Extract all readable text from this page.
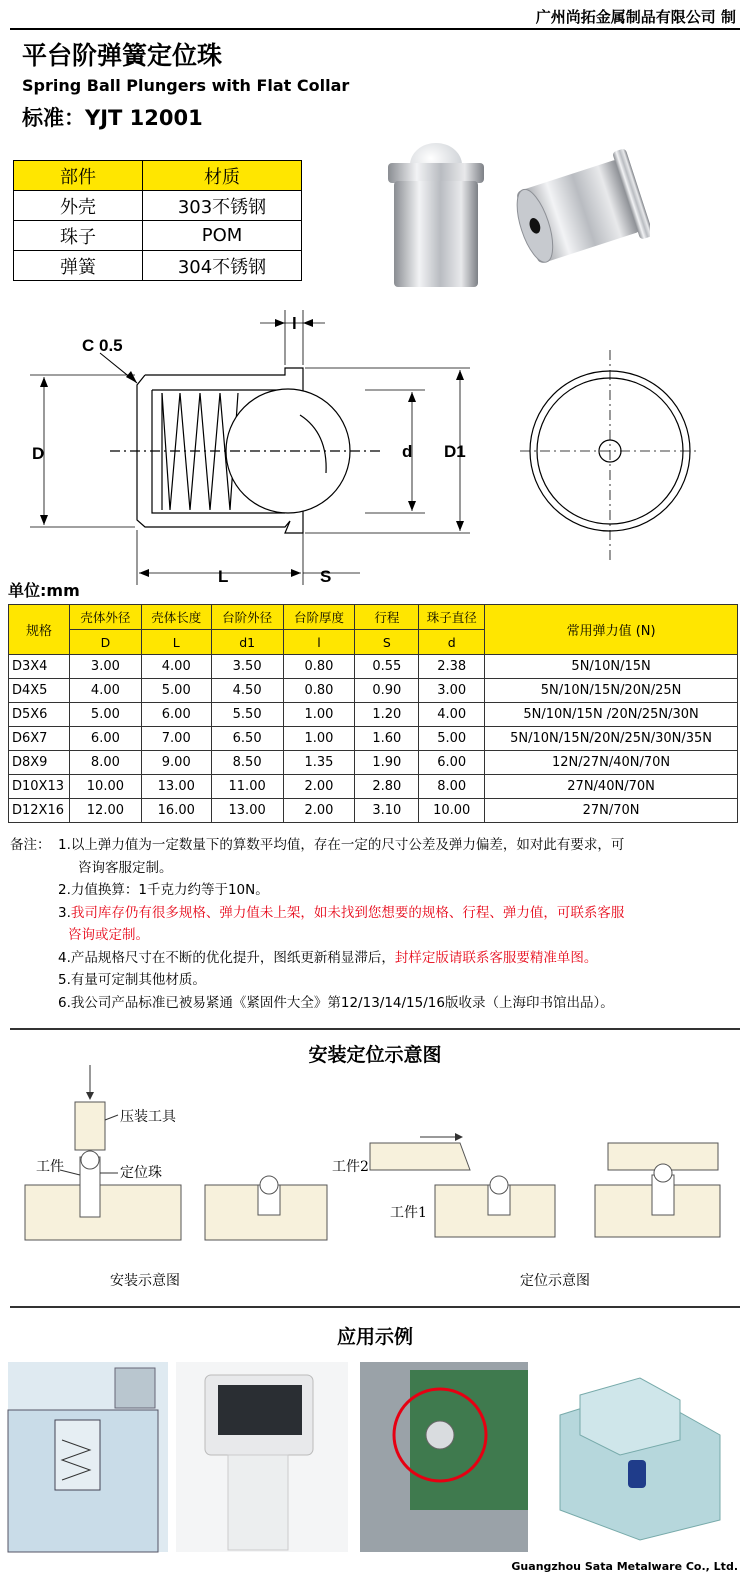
广州尚拓金属制品有限公司 制
平台阶弹簧定位珠
Spring Ball Plungers with Flat Collar
标准：YJT 12001
部件	材质
外壳	303不锈钢
珠子	POM
弹簧	304不锈钢
C 0.5
l
D	d D1
L	S
单位:mm
规格	壳体外径	壳体长度	台阶外径	台阶厚度	行程	珠子直径	常用弹力值 (N)
	D	L	d1	l	S	d	
D3X4	3.00	4.00	3.50	0.80	0.55	2.38	5N/10N/15N
D4X5	4.00	5.00	4.50	0.80	0.90	3.00	5N/10N/15N/20N/25N
D5X6	5.00	6.00	5.50	1.00	1.20	4.00	5N/10N/15N /20N/25N/30N
D6X7	6.00	7.00	6.50	1.00	1.60	5.00	5N/10N/15N/20N/25N/30N/35N
D8X9	8.00	9.00	8.50	1.35	1.90	6.00	12N/27N/40N/70N
D10X13	10.00	13.00	11.00	2.00	2.80	8.00	27N/40N/70N
D12X16	12.00	16.00	13.00	2.00	3.10	10.00	27N/70N
备注： 1.以上弹力值为一定数量下的算数平均值，存在一定的尺寸公差及弹力偏差，如对此有要求，可
咨询客服定制。
2.力值换算：1千克力约等于10N。
3.我司库存仍有很多规格、弹力值未上架，如未找到您想要的规格、行程、弹力值，可联系客服
咨询或定制。
4.产品规格尺寸在不断的优化提升，图纸更新稍显滞后，封样定版请联系客服要精准单图。
5.有量可定制其他材质。
6.我公司产品标准已被易紧通《紧固件大全》第12/13/14/15/16版收录（上海印书馆出品）。
安装定位示意图
压装工具
工件	定位珠	工件2
工件1
安装示意图	定位示意图
应用示例
Guangzhou Sata Metalware Co., Ltd.
